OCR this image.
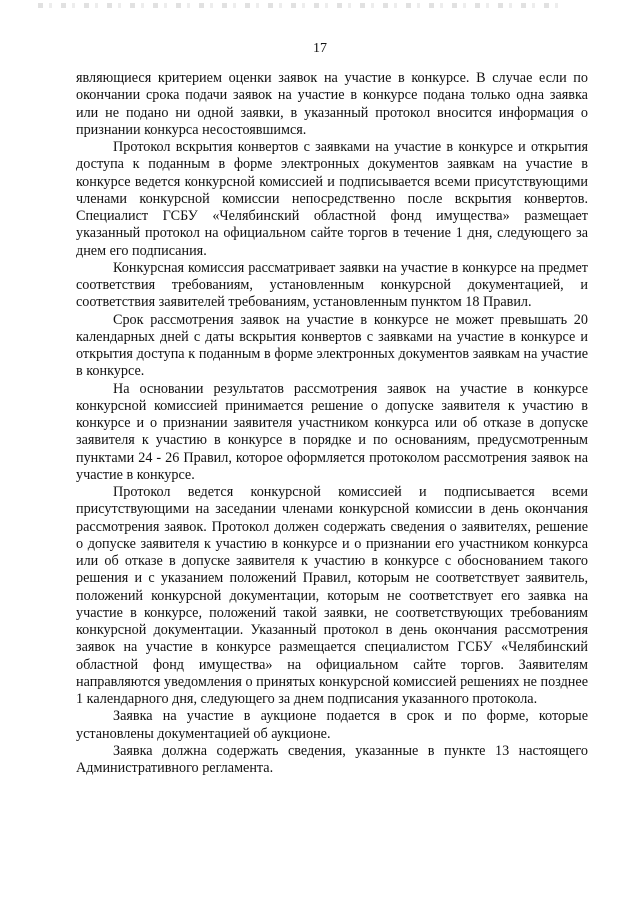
17

являющиеся критерием оценки заявок на участие в конкурсе. В случае если по окончании срока подачи заявок на участие в конкурсе подана только одна заявка или не подано ни одной заявки, в указанный протокол вносится информация о признании конкурса несостоявшимся.

Протокол вскрытия конвертов с заявками на участие в конкурсе и открытия доступа к поданным в форме электронных документов заявкам на участие в конкурсе ведется конкурсной комиссией и подписывается всеми присутствующими членами конкурсной комиссии непосредственно после вскрытия конвертов. Специалист ГСБУ «Челябинский областной фонд имущества» размещает указанный протокол на официальном сайте торгов в течение 1 дня, следующего за днем его подписания.

Конкурсная комиссия рассматривает заявки на участие в конкурсе на предмет соответствия требованиям, установленным конкурсной документацией, и соответствия заявителей требованиям, установленным пунктом 18 Правил.

Срок рассмотрения заявок на участие в конкурсе не может превышать 20 календарных дней с даты вскрытия конвертов с заявками на участие в конкурсе и открытия доступа к поданным в форме электронных документов заявкам на участие в конкурсе.

На основании результатов рассмотрения заявок на участие в конкурсе конкурсной комиссией принимается решение о допуске заявителя к участию в конкурсе и о признании заявителя участником конкурса или об отказе в допуске заявителя к участию в конкурсе в порядке и по основаниям, предусмотренным пунктами 24 - 26 Правил, которое оформляется протоколом рассмотрения заявок на участие в конкурсе.

Протокол ведется конкурсной комиссией и подписывается всеми присутствующими на заседании членами конкурсной комиссии в день окончания рассмотрения заявок. Протокол должен содержать сведения о заявителях, решение о допуске заявителя к участию в конкурсе и о признании его участником конкурса или об отказе в допуске заявителя к участию в конкурсе с обоснованием такого решения и с указанием положений Правил, которым не соответствует заявитель, положений конкурсной документации, которым не соответствует его заявка на участие в конкурсе, положений такой заявки, не соответствующих требованиям конкурсной документации. Указанный протокол в день окончания рассмотрения заявок на участие в конкурсе размещается специалистом ГСБУ «Челябинский областной фонд имущества» на официальном сайте торгов. Заявителям направляются уведомления о принятых конкурсной комиссией решениях не позднее 1 календарного дня, следующего за днем подписания указанного протокола.

Заявка на участие в аукционе подается в срок и по форме, которые установлены документацией об аукционе.

Заявка должна содержать сведения, указанные в пункте 13 настоящего Административного регламента.
